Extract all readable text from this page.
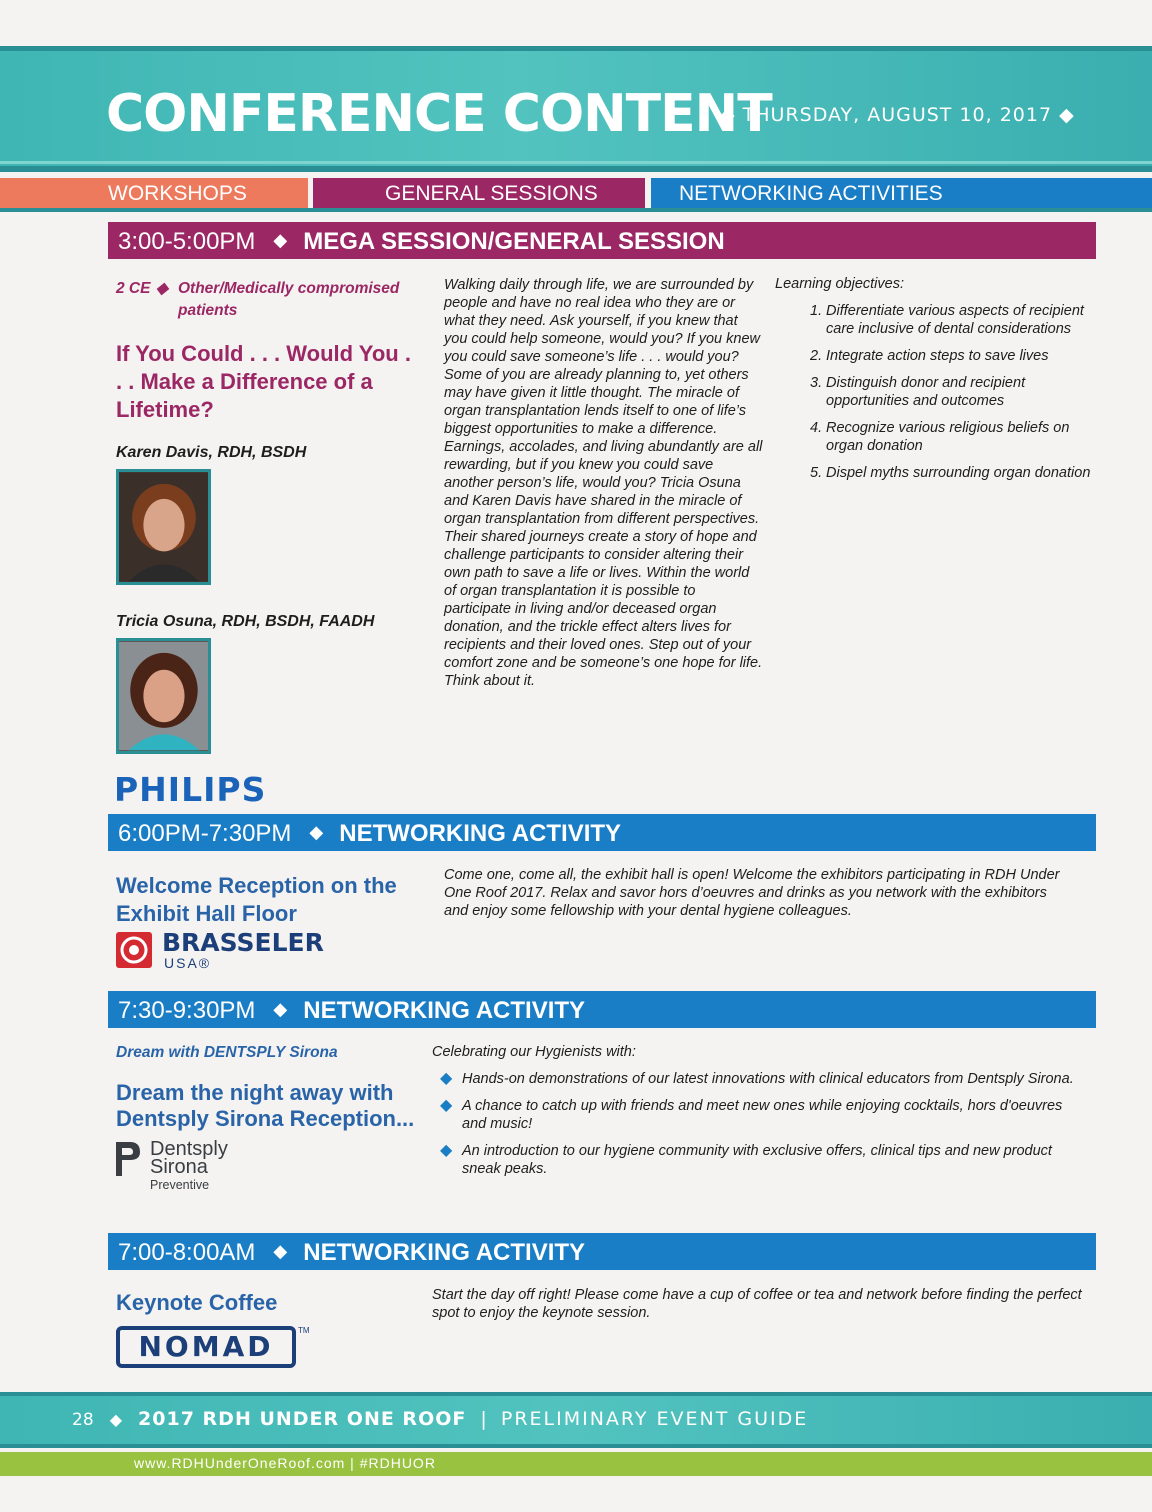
CONFERENCE CONTENT
◆ THURSDAY, AUGUST 10, 2017 ◆
WORKSHOPS	GENERAL SESSIONS	NETWORKING ACTIVITIES
3:00-5:00PM ◆ MEGA SESSION/GENERAL SESSION
2 CE ◆ Other/Medically compromised patients
If You Could . . . Would You . . . Make a Difference of a Lifetime?
Karen Davis, RDH, BSDH
Tricia Osuna, RDH, BSDH, FAADH
Walking daily through life, we are surrounded by people and have no real idea who they are or what they need. Ask yourself, if you knew that you could help someone, would you? If you knew you could save someone’s life . . . would you? Some of you are already planning to, yet others may have given it little thought. The miracle of organ transplantation lends itself to one of life’s biggest opportunities to make a difference. Earnings, accolades, and living abundantly are all rewarding, but if you knew you could save another person’s life, would you? Tricia Osuna and Karen Davis have shared in the miracle of organ transplantation from different perspectives. Their shared journeys create a story of hope and challenge participants to consider altering their own path to save a life or lives. Within the world of organ transplantation it is possible to participate in living and/or deceased organ donation, and the trickle effect alters lives for recipients and their loved ones. Step out of your comfort zone and be someone’s one hope for life. Think about it.
Learning objectives:
1. Differentiate various aspects of recipient care inclusive of dental considerations
2. Integrate action steps to save lives
3. Distinguish donor and recipient opportunities and outcomes
4. Recognize various religious beliefs on organ donation
5. Dispel myths surrounding organ donation
PHILIPS
6:00PM-7:30PM ◆ NETWORKING ACTIVITY
Welcome Reception on the Exhibit Hall Floor
Come one, come all, the exhibit hall is open! Welcome the exhibitors participating in RDH Under One Roof 2017. Relax and savor hors d’oeuvres and drinks as you network with the exhibitors and enjoy some fellowship with your dental hygiene colleagues.
BRASSELER
USA®
7:30-9:30PM ◆ NETWORKING ACTIVITY
Dream with DENTSPLY Sirona
Dream the night away with Dentsply Sirona Reception...
Celebrating our Hygienists with:
◆ Hands-on demonstrations of our latest innovations with clinical educators from Dentsply Sirona.
◆ A chance to catch up with friends and meet new ones while enjoying cocktails, hors d'oeuvres and music!
◆ An introduction to our hygiene community with exclusive offers, clinical tips and new product sneak peaks.
Dentsply
Sirona
Preventive
7:00-8:00AM ◆ NETWORKING ACTIVITY
Keynote Coffee	Start the day off right! Please come have a cup of coffee or tea and network before finding the perfect spot to enjoy the keynote session.
NOMAD	TM
28 ◆ 2017 RDH UNDER ONE ROOF | PRELIMINARY EVENT GUIDE
www.RDHUnderOneRoof.com | #RDHUOR
